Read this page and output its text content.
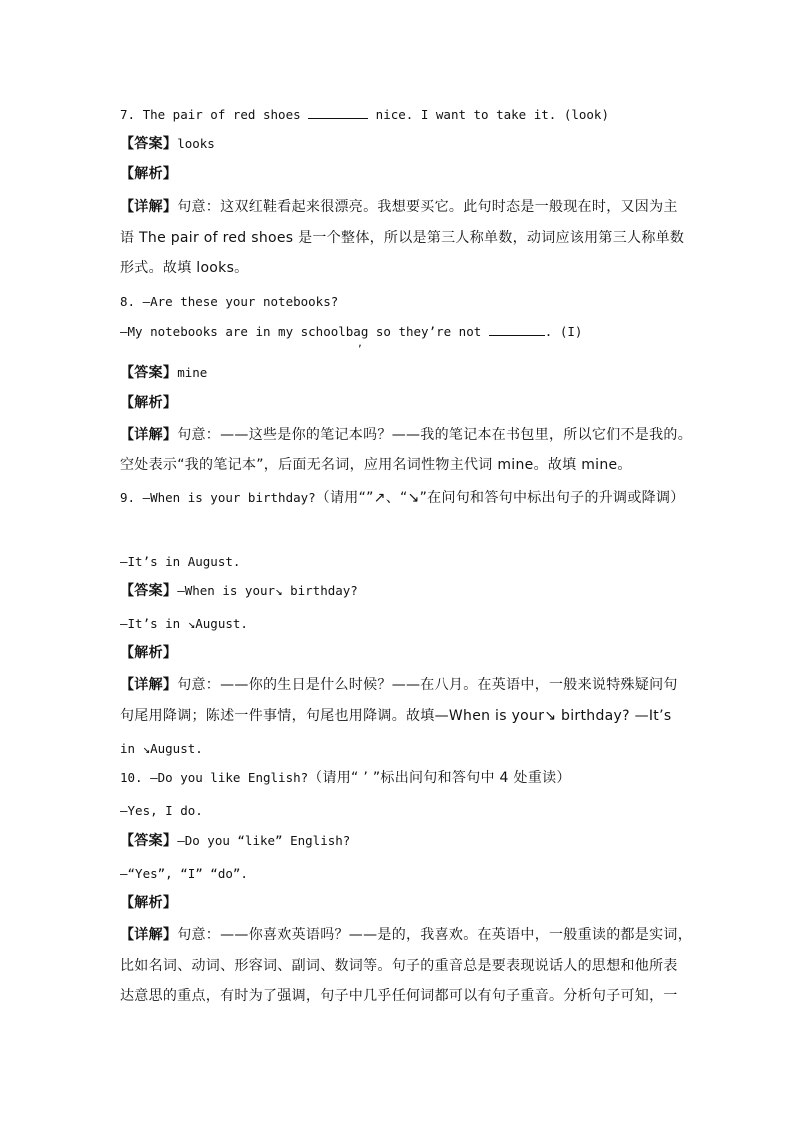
7. The pair of red shoes	nice. I want to take it. (look)
【答案】looks
【解析】
【详解】句意：这双红鞋看起来很漂亮。我想要买它。此句时态是一般现在时，又因为主
语 The pair of red shoes 是一个整体，所以是第三人称单数，动词应该用第三人称单数
形式。故填 looks。
8. —Are these your notebooks?
—My notebooks are in my schoolbag so they’re not	. (I)
,
【答案】mine
【解析】
【详解】句意：——这些是你的笔记本吗？——我的笔记本在书包里，所以它们不是我的。
空处表示“我的笔记本”，后面无名词，应用名词性物主代词 mine。故填 mine。
9. —When is your birthday?（请用“”↗、“↘”在问句和答句中标出句子的升调或降调）
—It’s in August.
【答案】—When is your↘ birthday?
—It’s in ↘August.
【解析】
【详解】句意：——你的生日是什么时候？——在八月。在英语中，一般来说特殊疑问句
句尾用降调；陈述一件事情，句尾也用降调。故填—When is your↘ birthday? —It’s
in ↘August.
10. —Do you like English?（请用“ ’ ”标出问句和答句中 4 处重读）
—Yes, I do.
【答案】—Do you “like” English?
—“Yes”, “I” “do”.
【解析】
【详解】句意：——你喜欢英语吗？——是的，我喜欢。在英语中，一般重读的都是实词，
比如名词、动词、形容词、副词、数词等。句子的重音总是要表现说话人的思想和他所表
达意思的重点，有时为了强调，句子中几乎任何词都可以有句子重音。分析句子可知，一
